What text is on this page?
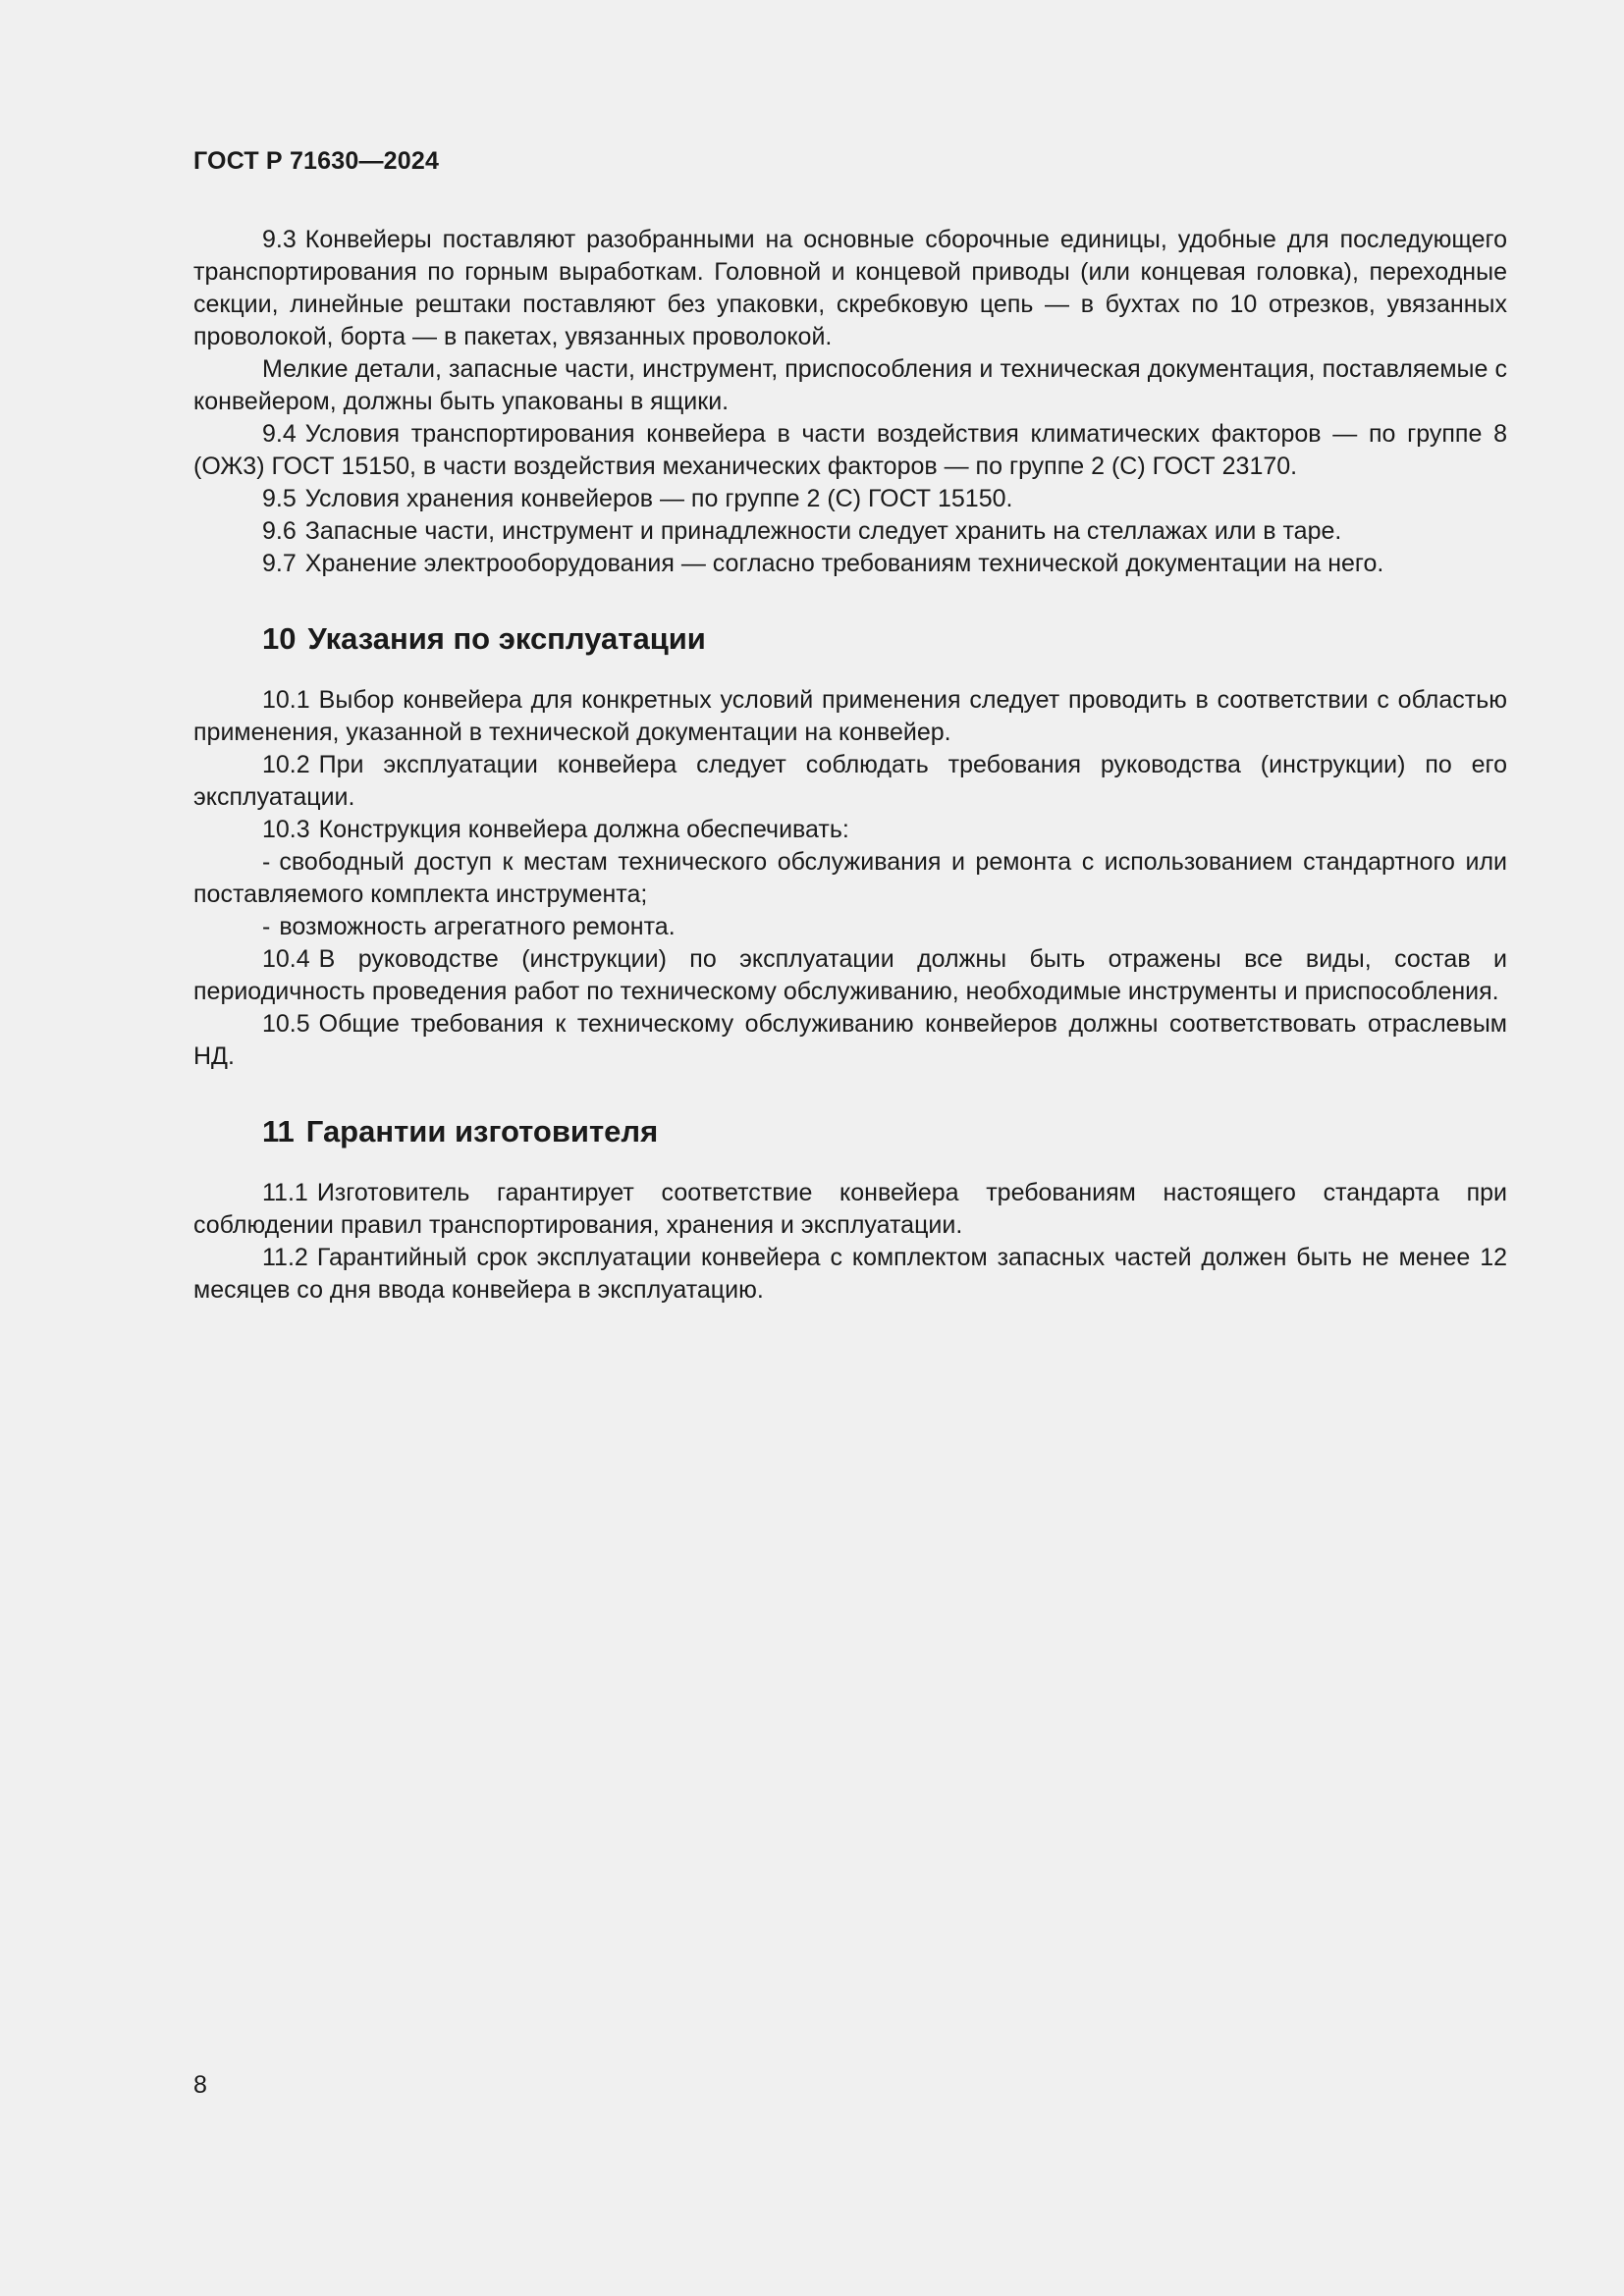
ГОСТ Р 71630—2024

9.3 Конвейеры поставляют разобранными на основные сборочные единицы, удобные для последующего транспортирования по горным выработкам. Головной и концевой приводы (или концевая головка), переходные секции, линейные рештаки поставляют без упаковки, скребковую цепь — в бухтах по 10 отрезков, увязанных проволокой, борта — в пакетах, увязанных проволокой.

Мелкие детали, запасные части, инструмент, приспособления и техническая документация, поставляемые с конвейером, должны быть упакованы в ящики.

9.4 Условия транспортирования конвейера в части воздействия климатических факторов — по группе 8 (ОЖ3) ГОСТ 15150, в части воздействия механических факторов — по группе 2 (С) ГОСТ 23170.

9.5 Условия хранения конвейеров — по группе 2 (С) ГОСТ 15150.

9.6 Запасные части, инструмент и принадлежности следует хранить на стеллажах или в таре.

9.7 Хранение электрооборудования — согласно требованиям технической документации на него.

10 Указания по эксплуатации

10.1 Выбор конвейера для конкретных условий применения следует проводить в соответствии с областью применения, указанной в технической документации на конвейер.

10.2 При эксплуатации конвейера следует соблюдать требования руководства (инструкции) по его эксплуатации.

10.3 Конструкция конвейера должна обеспечивать:

- свободный доступ к местам технического обслуживания и ремонта с использованием стандартного или поставляемого комплекта инструмента;

- возможность агрегатного ремонта.

10.4 В руководстве (инструкции) по эксплуатации должны быть отражены все виды, состав и периодичность проведения работ по техническому обслуживанию, необходимые инструменты и приспособления.

10.5 Общие требования к техническому обслуживанию конвейеров должны соответствовать отраслевым НД.

11 Гарантии изготовителя

11.1 Изготовитель гарантирует соответствие конвейера требованиям настоящего стандарта при соблюдении правил транспортирования, хранения и эксплуатации.

11.2 Гарантийный срок эксплуатации конвейера с комплектом запасных частей должен быть не менее 12 месяцев со дня ввода конвейера в эксплуатацию.

8
